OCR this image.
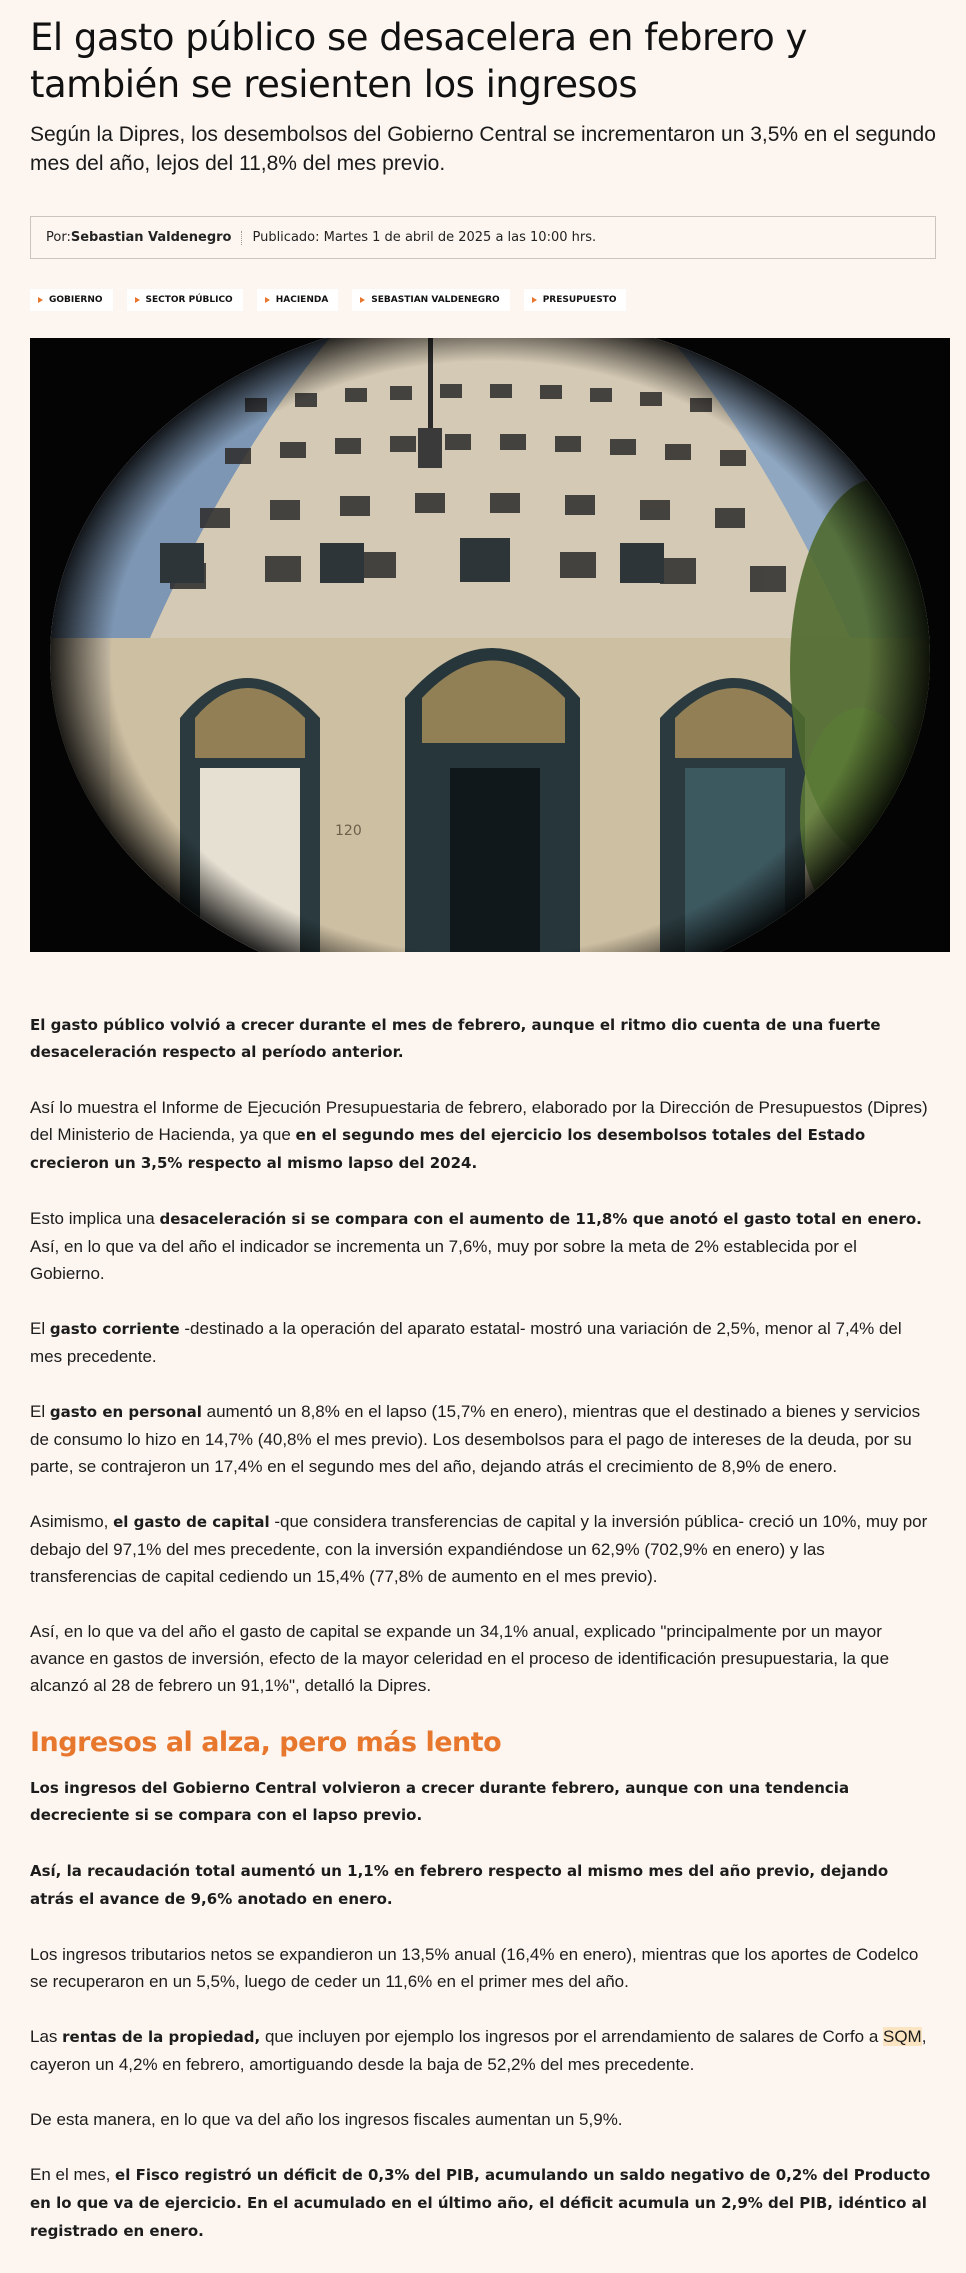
El gasto público se desacelera en febrero y también se resienten los ingresos
Según la Dipres, los desembolsos del Gobierno Central se incrementaron un 3,5% en el segundo mes del año, lejos del 11,8% del mes previo.
Por: Sebastian Valdenegro Publicado: Martes 1 de abril de 2025 a las 10:00 hrs.
GOBIERNO	SECTOR PÚBLICO	HACIENDA	SEBASTIAN VALDENEGRO	PRESUPUESTO

El gasto público volvió a crecer durante el mes de febrero, aunque el ritmo dio cuenta de una fuerte desaceleración respecto al período anterior.

Así lo muestra el Informe de Ejecución Presupuestaria de febrero, elaborado por la Dirección de Presupuestos (Dipres) del Ministerio de Hacienda, ya que en el segundo mes del ejercicio los desembolsos totales del Estado crecieron un 3,5% respecto al mismo lapso del 2024.

Esto implica una desaceleración si se compara con el aumento de 11,8% que anotó el gasto total en enero. Así, en lo que va del año el indicador se incrementa un 7,6%, muy por sobre la meta de 2% establecida por el Gobierno.

El gasto corriente -destinado a la operación del aparato estatal- mostró una variación de 2,5%, menor al 7,4% del mes precedente.

El gasto en personal aumentó un 8,8% en el lapso (15,7% en enero), mientras que el destinado a bienes y servicios de consumo lo hizo en 14,7% (40,8% el mes previo). Los desembolsos para el pago de intereses de la deuda, por su parte, se contrajeron un 17,4% en el segundo mes del año, dejando atrás el crecimiento de 8,9% de enero.

Asimismo, el gasto de capital -que considera transferencias de capital y la inversión pública- creció un 10%, muy por debajo del 97,1% del mes precedente, con la inversión expandiéndose un 62,9% (702,9% en enero) y las transferencias de capital cediendo un 15,4% (77,8% de aumento en el mes previo).

Así, en lo que va del año el gasto de capital se expande un 34,1% anual, explicado "principalmente por un mayor avance en gastos de inversión, efecto de la mayor celeridad en el proceso de identificación presupuestaria, la que alcanzó al 28 de febrero un 91,1%", detalló la Dipres.

Ingresos al alza, pero más lento

Los ingresos del Gobierno Central volvieron a crecer durante febrero, aunque con una tendencia decreciente si se compara con el lapso previo.

Así, la recaudación total aumentó un 1,1% en febrero respecto al mismo mes del año previo, dejando atrás el avance de 9,6% anotado en enero.

Los ingresos tributarios netos se expandieron un 13,5% anual (16,4% en enero), mientras que los aportes de Codelco se recuperaron en un 5,5%, luego de ceder un 11,6% en el primer mes del año.

Las rentas de la propiedad, que incluyen por ejemplo los ingresos por el arrendamiento de salares de Corfo a SQM, cayeron un 4,2% en febrero, amortiguando desde la baja de 52,2% del mes precedente.

De esta manera, en lo que va del año los ingresos fiscales aumentan un 5,9%.

En el mes, el Fisco registró un déficit de 0,3% del PIB, acumulando un saldo negativo de 0,2% del Producto en lo que va de ejercicio. En el acumulado en el último año, el déficit acumula un 2,9% del PIB, idéntico al registrado en enero.
